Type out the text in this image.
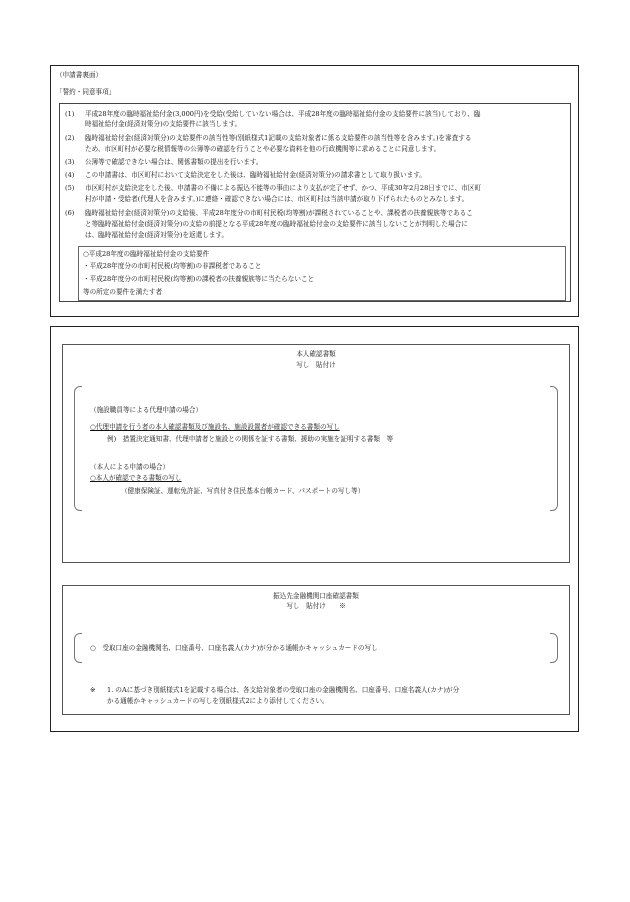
（申請書裏面）
「誓約・同意事項」
(1) 平成28年度の臨時福祉給付金(3,000円)を受給(受給していない場合は、平成28年度の臨時福祉給付金の支給要件に該当)しており、臨
時福祉給付金(経済対策分)の支給要件に該当します。
(2) 臨時福祉給付金(経済対策分)の支給要件の該当性等(別紙様式1記載の支給対象者に係る支給要件の該当性等を含みます。)を審査する
ため、市区町村が必要な税情報等の公簿等の確認を行うことや必要な資料を他の行政機関等に求めることに同意します。
(3) 公簿等で確認できない場合は、関係書類の提出を行います。
(4) この申請書は、市区町村において支給決定をした後は、臨時福祉給付金(経済対策分)の請求書として取り扱います。
(5) 市区町村が支給決定をした後、申請書の不備による振込不能等の事由により支払が完了せず、かつ、平成30年2月28日までに、市区町
村が申請・受給者(代理人を含みます。)に連絡・確認できない場合には、市区町村は当該申請が取り下げられたものとみなします。
(6) 臨時福祉給付金(経済対策分)の支給後、平成28年度分の市町村民税(均等割)が課税されていることや、課税者の扶養親族等であるこ
と等臨時福祉給付金(経済対策分)の支給の前提となる平成28年度の臨時福祉給付金の支給要件に該当しないことが判明した場合に
は、臨時福祉給付金(経済対策分)を返還します。
○平成28年度の臨時福祉給付金の支給要件
・平成28年度分の市町村民税(均等割)の非課税者であること
・平成28年度分の市町村民税(均等割)の課税者の扶養親族等に当たらないこと
等の所定の要件を満たす者
本人確認書類
写し　貼付け
（施設職員等による代理申請の場合）
○代理申請を行う者の本人確認書類及び施設名、施設設置者が確認できる書類の写し
例)　措置決定通知書、代理申請者と施設との関係を証する書類、援助の実施を証明する書類　等
（本人による申請の場合）
○本人が確認できる書類の写し
（健康保険証、運転免許証、写真付き住民基本台帳カード、パスポートの写し等）
振込先金融機関口座確認書類
写し　貼付け　　※
○　受取口座の金融機関名、口座番号、口座名義人(カナ)が分かる通帳かキャッシュカードの写し
※ 1. のAに基づき別紙様式1を記載する場合は、各支給対象者の受取口座の金融機関名、口座番号、口座名義人(カナ)が分
かる通帳かキャッシュカードの写しを別紙様式2により添付してください。
